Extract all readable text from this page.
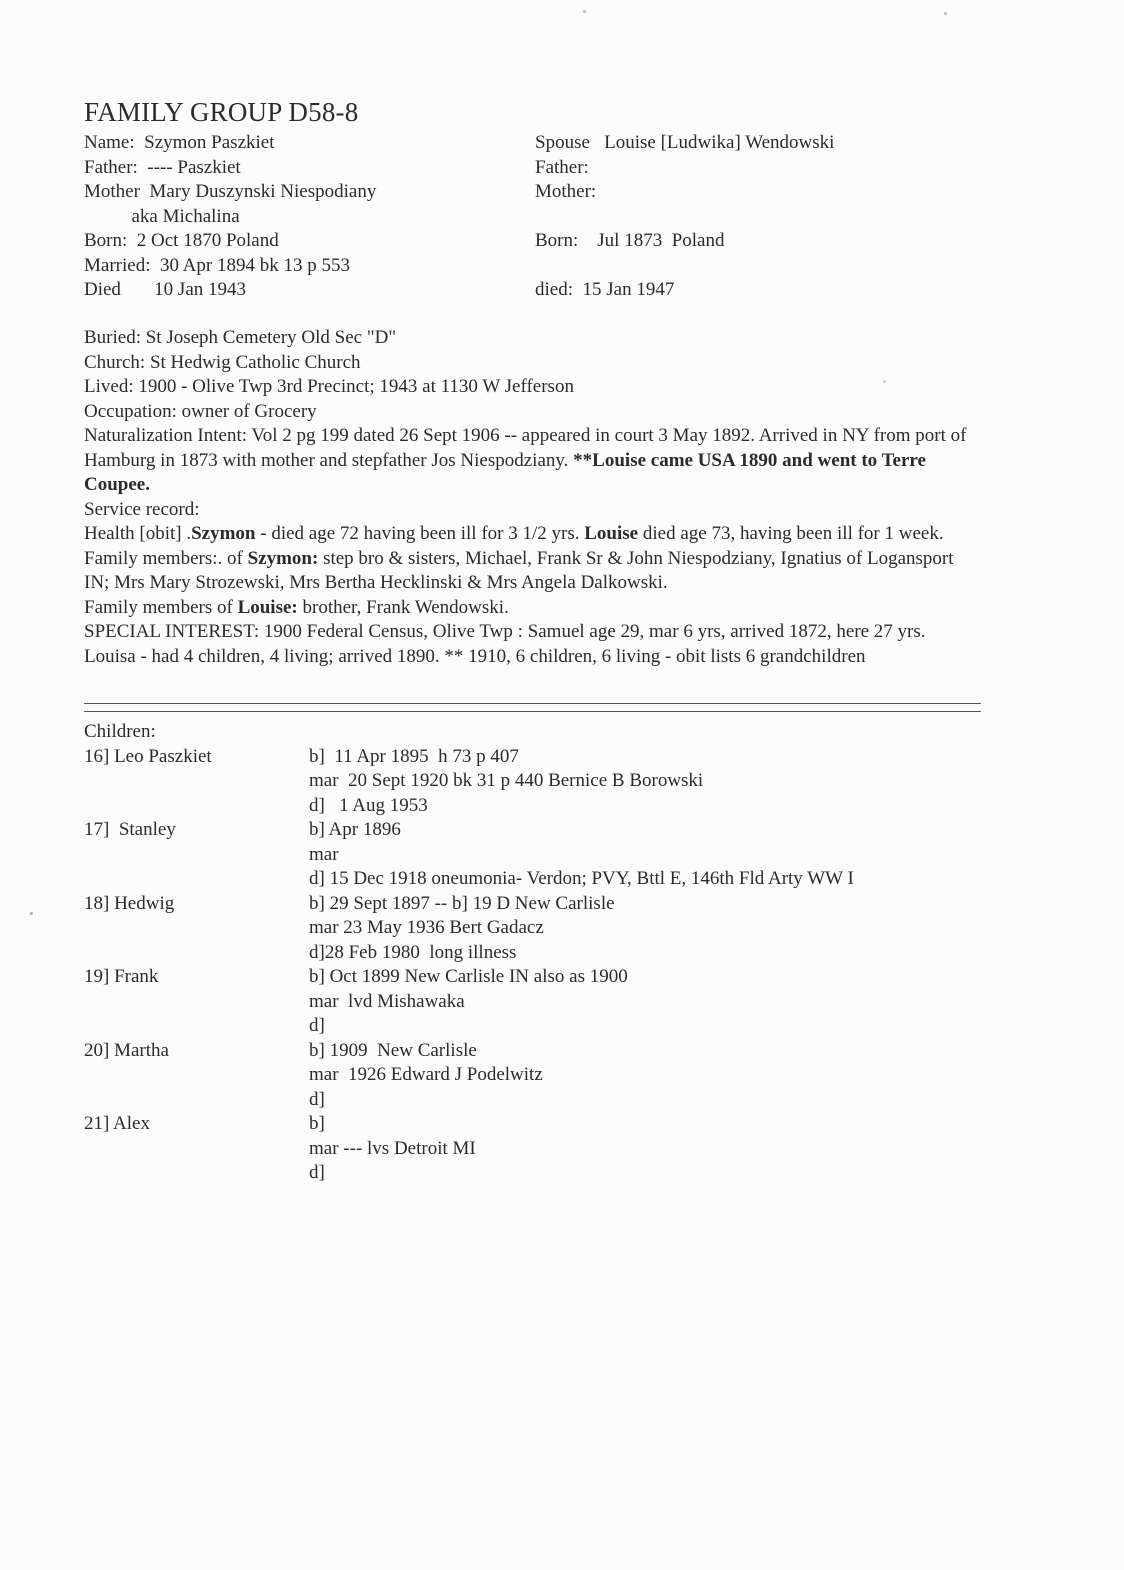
FAMILY GROUP D58-8
Name:  Szymon Paszkiet	Spouse   Louise [Ludwika] Wendowski
Father:  ---- Paszkiet	Father:
Mother  Mary Duszynski Niespodiany	Mother:
aka Michalina
Born:  2 Oct 1870 Poland	Born:    Jul 1873  Poland
Married:  30 Apr 1894 bk 13 p 553
Died       10 Jan 1943	died:  15 Jan 1947

Buried: St Joseph Cemetery Old Sec "D"

Church: St Hedwig Catholic Church

Lived: 1900 - Olive Twp 3rd Precinct; 1943 at 1130 W Jefferson

Occupation: owner of Grocery

Naturalization Intent: Vol 2 pg 199 dated 26 Sept 1906 -- appeared in court 3 May 1892. Arrived in NY from port of Hamburg in 1873 with mother and stepfather Jos Niespodziany. **Louise came USA 1890 and went to Terre Coupee.

Service record:

Health [obit] .Szymon - died age 72 having been ill for 3 1/2 yrs. Louise died age 73, having been ill for 1 week.

Family members:. of Szymon: step bro & sisters, Michael, Frank Sr & John Niespodziany, Ignatius of Logansport IN; Mrs Mary Strozewski, Mrs Bertha Hecklinski & Mrs Angela Dalkowski.

Family members of Louise: brother, Frank Wendowski.

SPECIAL INTEREST: 1900 Federal Census, Olive Twp : Samuel age 29, mar 6 yrs, arrived 1872, here 27 yrs. Louisa - had 4 children, 4 living; arrived 1890. ** 1910, 6 children, 6 living - obit lists 6 grandchildren

Children:
16] Leo Paszkiet	b]  11 Apr 1895  h 73 p 407
mar  20 Sept 1920 bk 31 p 440 Bernice B Borowski
d]   1 Aug 1953
17]  Stanley	b] Apr 1896
mar
d] 15 Dec 1918 oneumonia- Verdon; PVY, Bttl E, 146th Fld Arty WW I
18] Hedwig	b] 29 Sept 1897 -- b] 19 D New Carlisle
mar 23 May 1936 Bert Gadacz
d]28 Feb 1980  long illness
19] Frank	b] Oct 1899 New Carlisle IN also as 1900
mar  lvd Mishawaka
d]
20] Martha	b] 1909  New Carlisle
mar  1926 Edward J Podelwitz
d]
21] Alex	b]
mar --- lvs Detroit MI
d]
